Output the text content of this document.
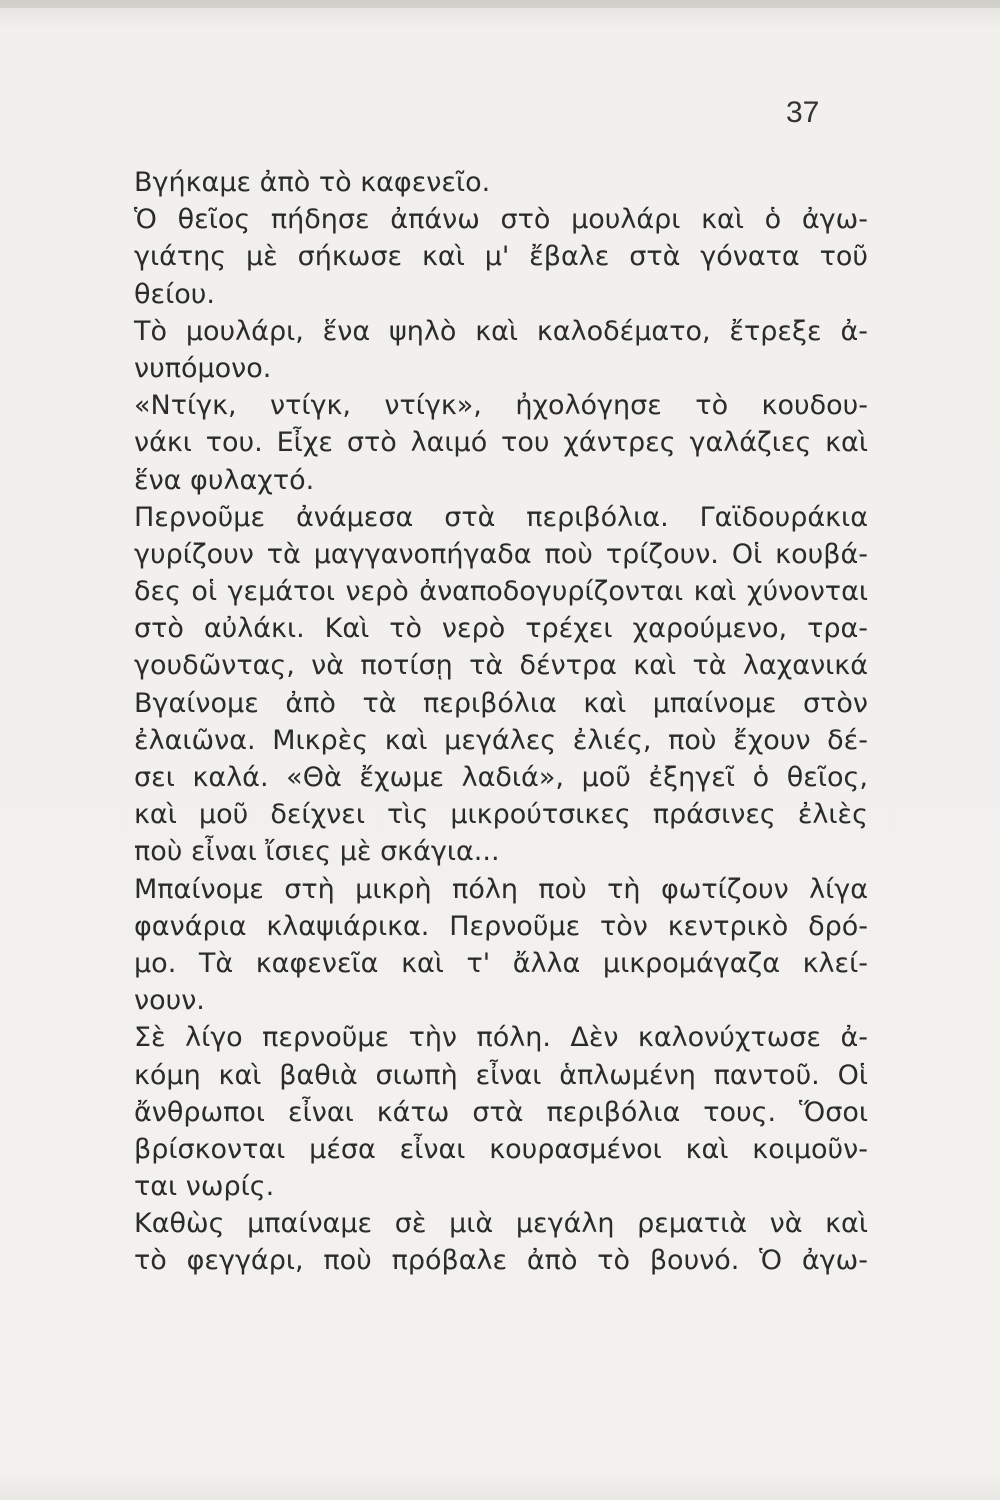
37
Βγήκαμε ἀπὸ τὸ καφενεῖο.
Ὁ θεῖος πήδησε ἀπάνω στὸ μουλάρι καὶ ὁ ἀγω-
γιάτης μὲ σήκωσε καὶ μ' ἔβαλε στὰ γόνατα τοῦ
θείου.
Τὸ μουλάρι, ἕνα ψηλὸ καὶ καλοδέματο, ἔτρεξε ἀ-
νυπόμονο.
«Ντίγκ, ντίγκ, ντίγκ», ἠχολόγησε τὸ κουδου-
νάκι του. Εἶχε στὸ λαιμό του χάντρες γαλάζιες καὶ
ἕνα φυλαχτό.
Περνοῦμε ἀνάμεσα στὰ περιβόλια. Γαϊδουράκια
γυρίζουν τὰ μαγγανοπήγαδα ποὺ τρίζουν. Οἱ κουβά-
δες οἱ γεμάτοι νερὸ ἀναποδογυρίζονται καὶ χύνονται
στὸ αὐλάκι. Καὶ τὸ νερὸ τρέχει χαρούμενο, τρα-
γουδῶντας, νὰ ποτίσῃ τὰ δέντρα καὶ τὰ λαχανικά
Βγαίνομε ἀπὸ τὰ περιβόλια καὶ μπαίνομε στὸν
ἐλαιῶνα. Μικρὲς καὶ μεγάλες ἐλιές, ποὺ ἔχουν δέ-
σει καλά. «Θὰ ἔχωμε λαδιά», μοῦ ἐξηγεῖ ὁ θεῖος,
καὶ μοῦ δείχνει τὶς μικρούτσικες πράσινες ἐλιὲς
ποὺ εἶναι ἴσιες μὲ σκάγια...
Μπαίνομε στὴ μικρὴ πόλη ποὺ τὴ φωτίζουν λίγα
φανάρια κλαψιάρικα. Περνοῦμε τὸν κεντρικὸ δρό-
μο. Τὰ καφενεῖα καὶ τ' ἄλλα μικρομάγαζα κλεί-
νουν.
Σὲ λίγο περνοῦμε τὴν πόλη. Δὲν καλονύχτωσε ἀ-
κόμη καὶ βαθιὰ σιωπὴ εἶναι ἁπλωμένη παντοῦ. Οἱ
ἄνθρωποι εἶναι κάτω στὰ περιβόλια τους. Ὅσοι
βρίσκονται μέσα εἶναι κουρασμένοι καὶ κοιμοῦν-
ται νωρίς.
Καθὼς μπαίναμε σὲ μιὰ μεγάλη ρεματιὰ νὰ καὶ
τὸ φεγγάρι, ποὺ πρόβαλε ἀπὸ τὸ βουνό. Ὁ ἀγω-
